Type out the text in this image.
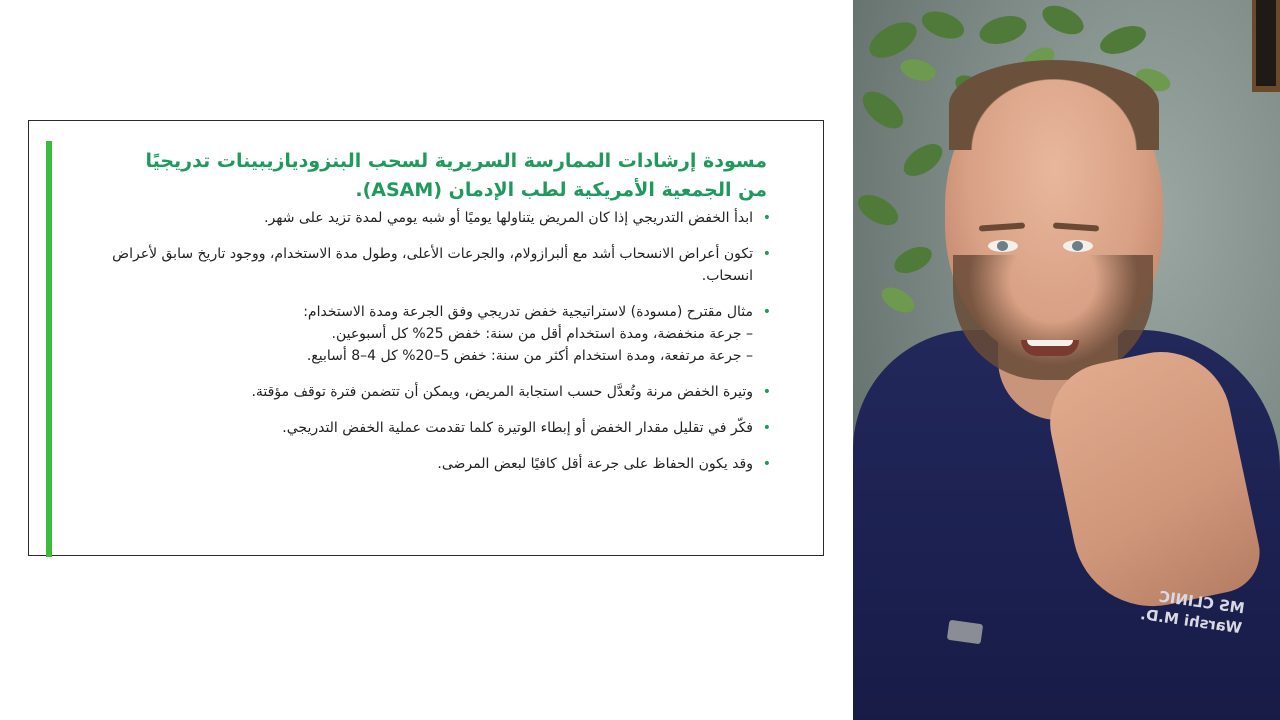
مسودة إرشادات الممارسة السريرية لسحب البنزوديازيبينات تدريجيًا من الجمعية الأمريكية لطب الإدمان (ASAM).
• ابدأ الخفض التدريجي إذا كان المريض يتناولها يوميًا أو شبه يومي لمدة تزيد على شهر.
• تكون أعراض الانسحاب أشد مع ألبرازولام، والجرعات الأعلى، وطول مدة الاستخدام، ووجود تاريخ سابق لأعراض انسحاب.
• مثال مقترح (مسودة) لاستراتيجية خفض تدريجي وفق الجرعة ومدة الاستخدام:
– جرعة منخفضة، ومدة استخدام أقل من سنة: خفض 25% كل أسبوعين.
– جرعة مرتفعة، ومدة استخدام أكثر من سنة: خفض 5–20% كل 4–8 أسابيع.
• وتيرة الخفض مرنة وتُعدَّل حسب استجابة المريض، ويمكن أن تتضمن فترة توقف مؤقتة.
• فكّر في تقليل مقدار الخفض أو إبطاء الوتيرة كلما تقدمت عملية الخفض التدريجي.
• وقد يكون الحفاظ على جرعة أقل كافيًا لبعض المرضى.
MS CLINIC
Warshi M.D.
